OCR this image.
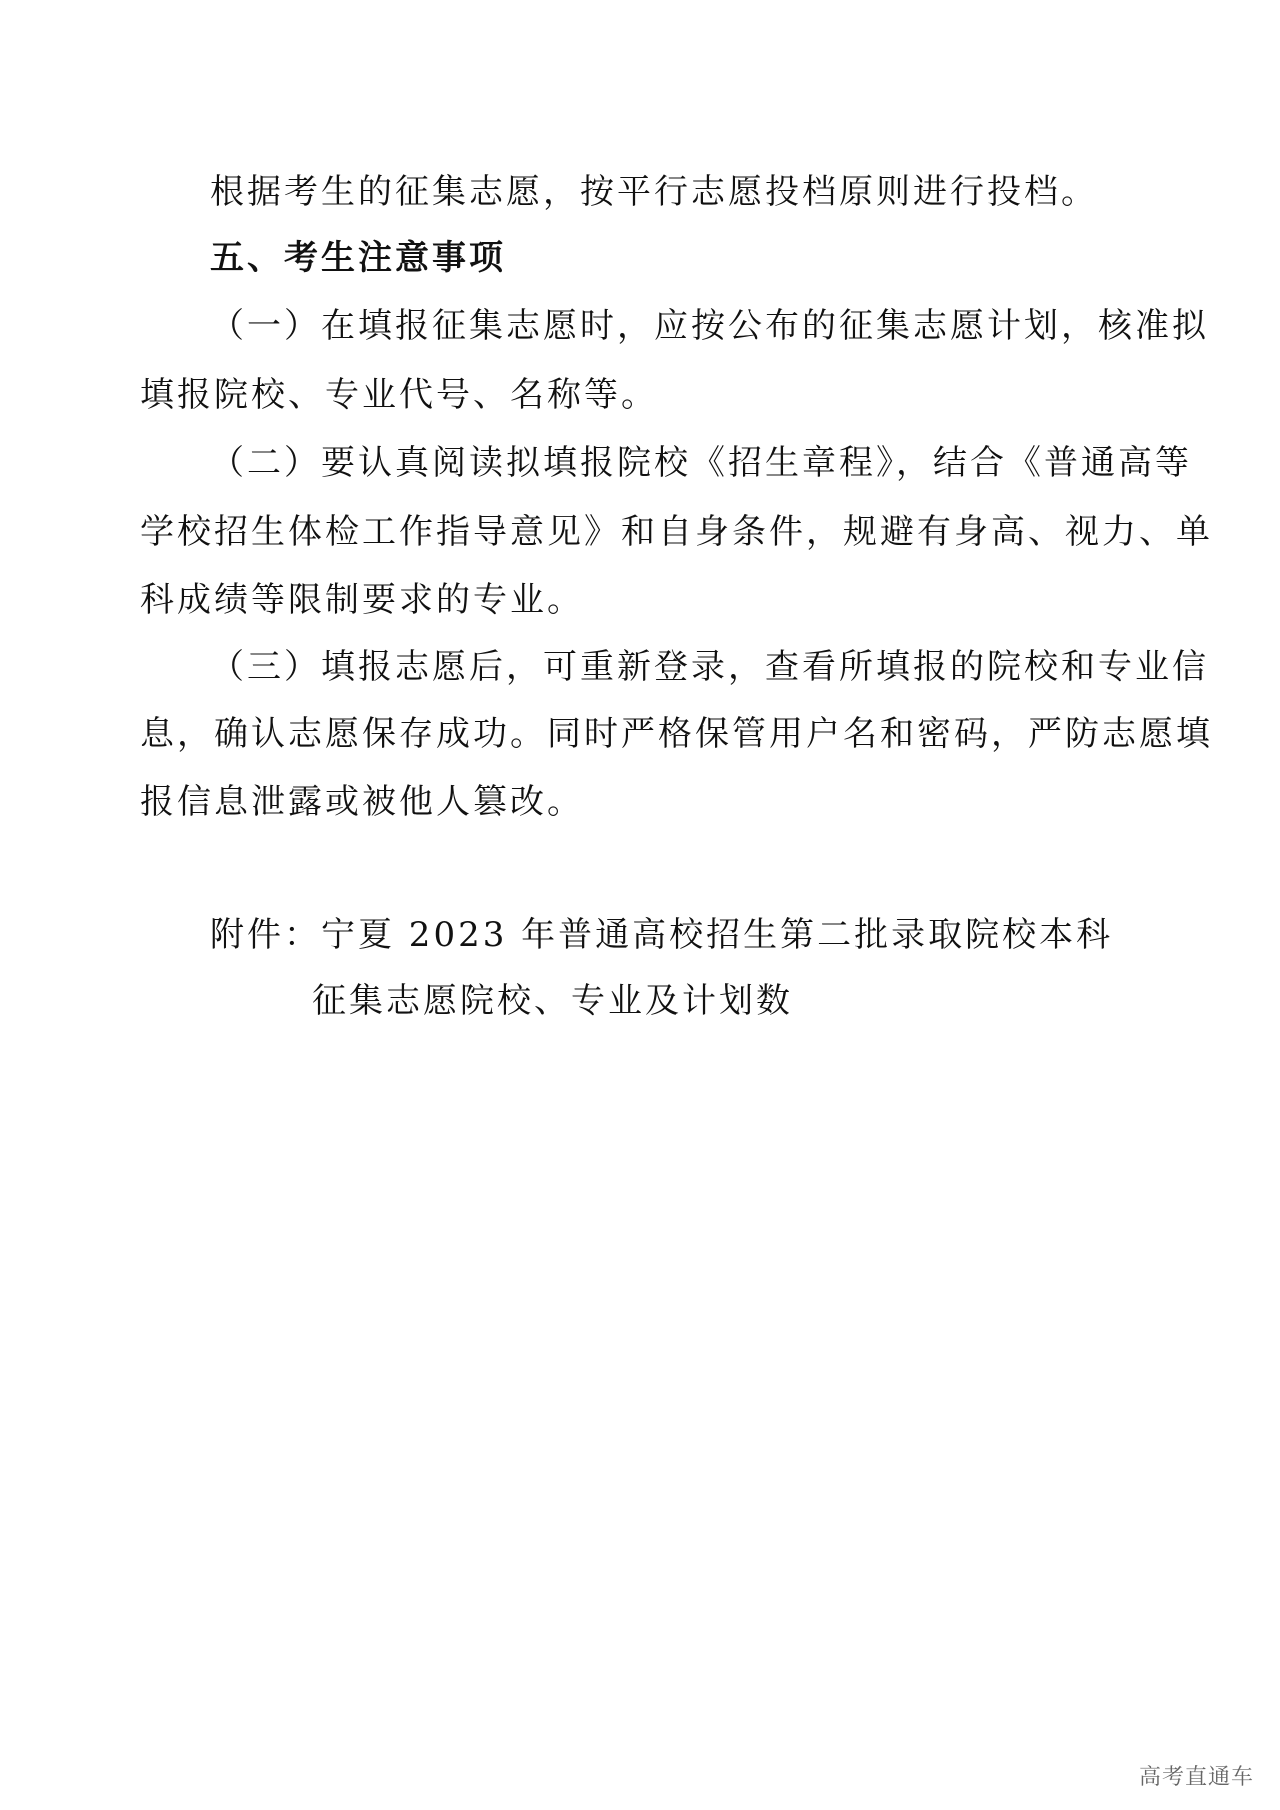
根据考生的征集志愿，按平行志愿投档原则进行投档。
五、考生注意事项
（一）在填报征集志愿时，应按公布的征集志愿计划，核准拟
填报院校、专业代号、名称等。
（二）要认真阅读拟填报院校《招生章程》，结合《普通高等
学校招生体检工作指导意见》和自身条件，规避有身高、视力、单
科成绩等限制要求的专业。
（三）填报志愿后，可重新登录，查看所填报的院校和专业信
息，确认志愿保存成功。同时严格保管用户名和密码，严防志愿填
报信息泄露或被他人篡改。
附件：宁夏 2023 年普通高校招生第二批录取院校本科
征集志愿院校、专业及计划数
高考直通车
